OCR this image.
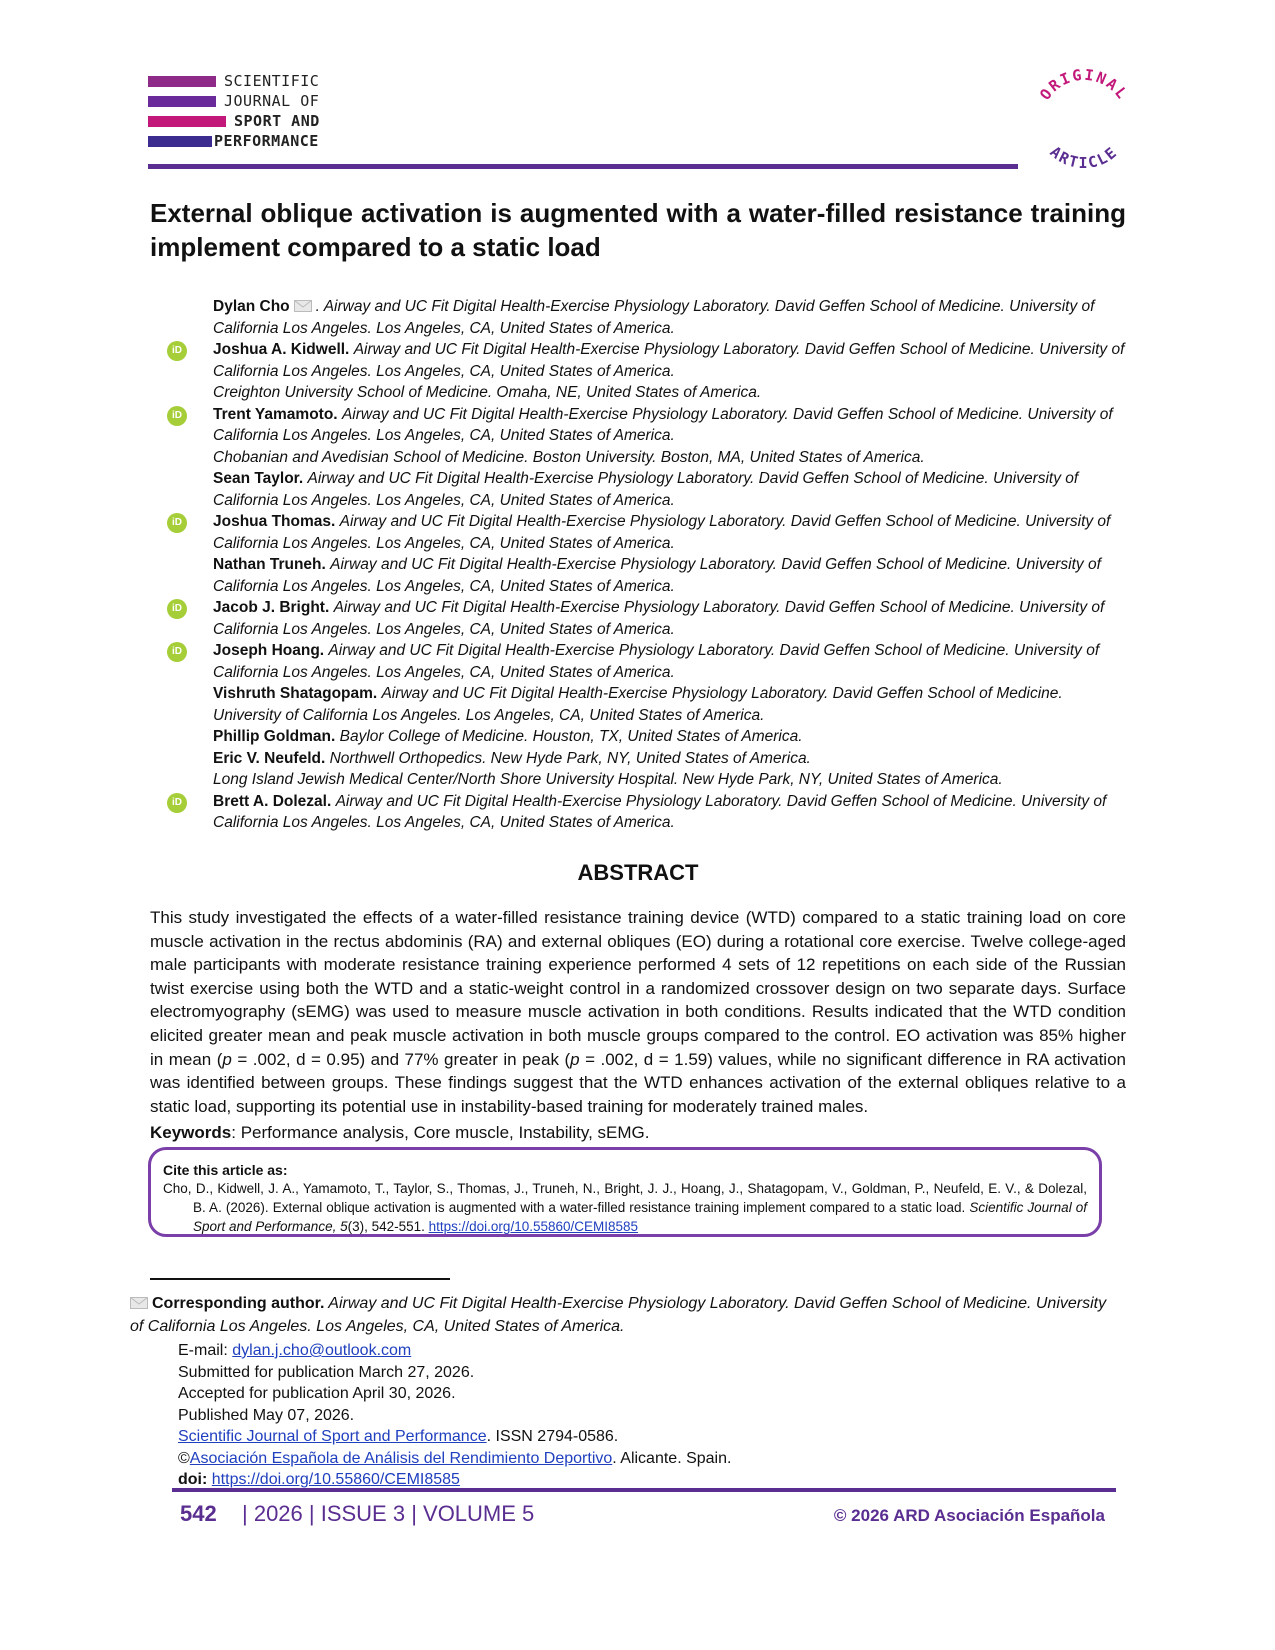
SCIENTIFIC
JOURNAL OF
SPORT AND
PERFORMANCE
ORIGINAL
ARTICLE
External oblique activation is augmented with a water-filled resistance training implement compared to a static load
Dylan Cho . Airway and UC Fit Digital Health-Exercise Physiology Laboratory. David Geffen School of Medicine. University of California Los Angeles. Los Angeles, CA, United States of America.
iD	Joshua A. Kidwell. Airway and UC Fit Digital Health-Exercise Physiology Laboratory. David Geffen School of Medicine. University of California Los Angeles. Los Angeles, CA, United States of America.
Creighton University School of Medicine. Omaha, NE, United States of America.
iD	Trent Yamamoto. Airway and UC Fit Digital Health-Exercise Physiology Laboratory. David Geffen School of Medicine. University of California Los Angeles. Los Angeles, CA, United States of America.
Chobanian and Avedisian School of Medicine. Boston University. Boston, MA, United States of America.
Sean Taylor. Airway and UC Fit Digital Health-Exercise Physiology Laboratory. David Geffen School of Medicine. University of California Los Angeles. Los Angeles, CA, United States of America.
iD	Joshua Thomas. Airway and UC Fit Digital Health-Exercise Physiology Laboratory. David Geffen School of Medicine. University of California Los Angeles. Los Angeles, CA, United States of America.
Nathan Truneh. Airway and UC Fit Digital Health-Exercise Physiology Laboratory. David Geffen School of Medicine. University of California Los Angeles. Los Angeles, CA, United States of America.
iD	Jacob J. Bright. Airway and UC Fit Digital Health-Exercise Physiology Laboratory. David Geffen School of Medicine. University of California Los Angeles. Los Angeles, CA, United States of America.
iD	Joseph Hoang. Airway and UC Fit Digital Health-Exercise Physiology Laboratory. David Geffen School of Medicine. University of California Los Angeles. Los Angeles, CA, United States of America.
Vishruth Shatagopam. Airway and UC Fit Digital Health-Exercise Physiology Laboratory. David Geffen School of Medicine. University of California Los Angeles. Los Angeles, CA, United States of America.
Phillip Goldman. Baylor College of Medicine. Houston, TX, United States of America.
Eric V. Neufeld. Northwell Orthopedics. New Hyde Park, NY, United States of America.
Long Island Jewish Medical Center/North Shore University Hospital. New Hyde Park, NY, United States of America.
iD	Brett A. Dolezal. Airway and UC Fit Digital Health-Exercise Physiology Laboratory. David Geffen School of Medicine. University of California Los Angeles. Los Angeles, CA, United States of America.
ABSTRACT

This study investigated the effects of a water-filled resistance training device (WTD) compared to a static training load on core muscle activation in the rectus abdominis (RA) and external obliques (EO) during a rotational core exercise. Twelve college-aged male participants with moderate resistance training experience performed 4 sets of 12 repetitions on each side of the Russian twist exercise using both the WTD and a static-weight control in a randomized crossover design on two separate days. Surface electromyography (sEMG) was used to measure muscle activation in both conditions. Results indicated that the WTD condition elicited greater mean and peak muscle activation in both muscle groups compared to the control. EO activation was 85% higher in mean (p = .002, d = 0.95) and 77% greater in peak (p = .002, d = 1.59) values, while no significant difference in RA activation was identified between groups. These findings suggest that the WTD enhances activation of the external obliques relative to a static load, supporting its potential use in instability-based training for moderately trained males.

Keywords: Performance analysis, Core muscle, Instability, sEMG.

Cite this article as:
Cho, D., Kidwell, J. A., Yamamoto, T., Taylor, S., Thomas, J., Truneh, N., Bright, J. J., Hoang, J., Shatagopam, V., Goldman, P., Neufeld, E. V., & Dolezal, B. A. (2026). External oblique activation is augmented with a water-filled resistance training implement compared to a static load. Scientific Journal of Sport and Performance, 5(3), 542-551. https://doi.org/10.55860/CEMI8585
Corresponding author. Airway and UC Fit Digital Health-Exercise Physiology Laboratory. David Geffen School of Medicine. University of California Los Angeles. Los Angeles, CA, United States of America.
E-mail: dylan.j.cho@outlook.com
Submitted for publication March 27, 2026.
Accepted for publication April 30, 2026.
Published May 07, 2026.
Scientific Journal of Sport and Performance. ISSN 2794-0586.
©Asociación Española de Análisis del Rendimiento Deportivo. Alicante. Spain.
doi: https://doi.org/10.55860/CEMI8585
542 | 2026 | ISSUE 3 | VOLUME 5	© 2026 ARD Asociación Española
